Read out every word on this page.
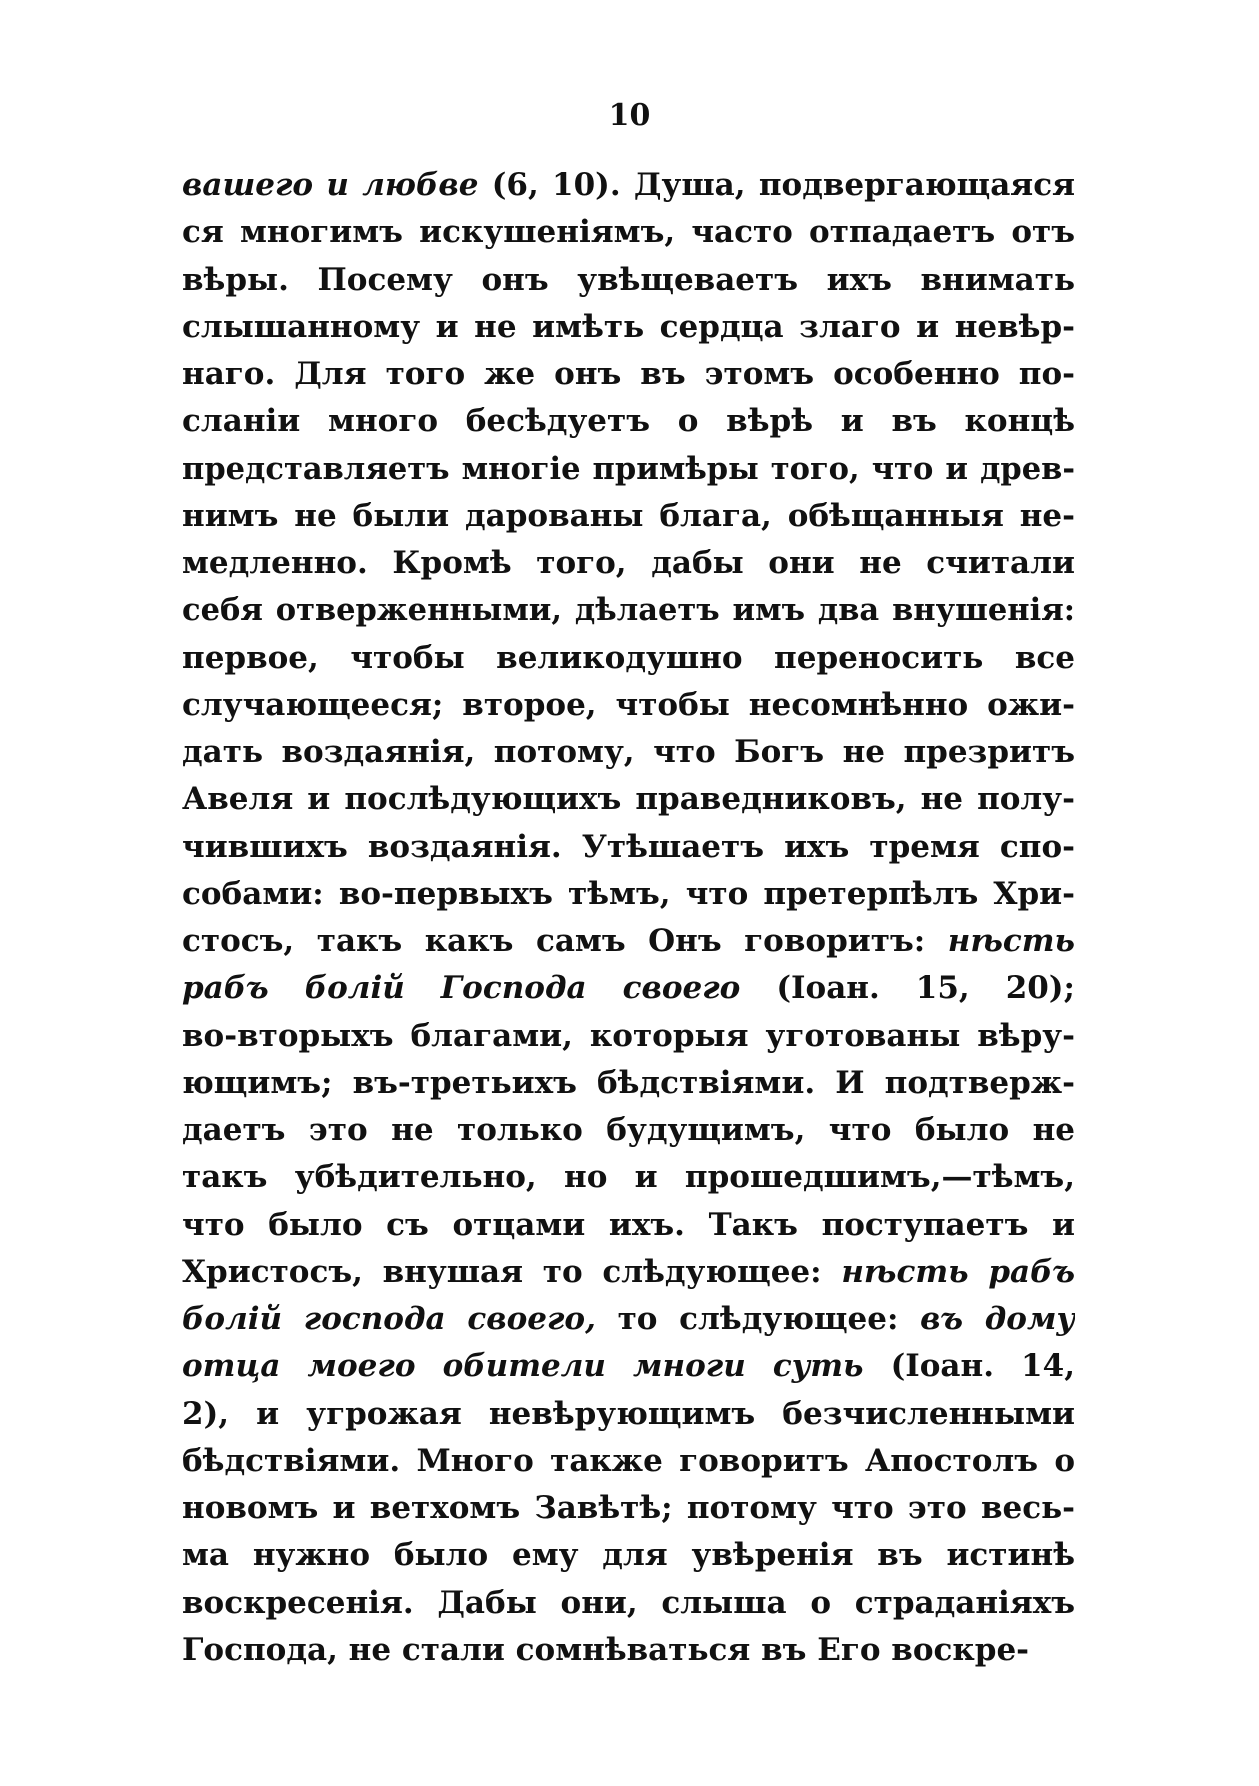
10
вашего и любве (6, 10). Душа, подвергающаяся
ся многимъ искушеніямъ, часто отпадаетъ отъ
вѣры. Посему онъ увѣщеваетъ ихъ внимать
слышанному и не имѣть сердца злаго и невѣр-
наго. Для того же онъ въ этомъ особенно по-
сланіи много бесѣдуетъ о вѣрѣ и въ концѣ
представляетъ многіе примѣры того, что и древ-
нимъ не были дарованы блага, обѣщанныя не-
медленно. Кромѣ того, дабы они не считали
себя отверженными, дѣлаетъ имъ два внушенія:
первое, чтобы великодушно переносить все
случающееся; второе, чтобы несомнѣнно ожи-
дать воздаянія, потому, что Богъ не презритъ
Авеля и послѣдующихъ праведниковъ, не полу-
чившихъ воздаянія. Утѣшаетъ ихъ тремя спо-
собами: во-первыхъ тѣмъ, что претерпѣлъ Хри-
стосъ, такъ какъ самъ Онъ говоритъ: нѣсть
рабъ болій Господа своего (Іоан. 15, 20);
во-вторыхъ благами, которыя уготованы вѣру-
ющимъ; въ-третьихъ бѣдствіями. И подтверж-
даетъ это не только будущимъ, что было не
такъ убѣдительно, но и прошедшимъ,—тѣмъ,
что было съ отцами ихъ. Такъ поступаетъ и
Христосъ, внушая то слѣдующее: нѣсть рабъ
болій господа своего, то слѣдующее: въ дому
отца моего обители многи суть (Іоан. 14,
2), и угрожая невѣрующимъ безчисленными
бѣдствіями. Много также говоритъ Апостолъ о
новомъ и ветхомъ Завѣтѣ; потому что это весь-
ма нужно было ему для увѣренія въ истинѣ
воскресенія. Дабы они, слыша о страданіяхъ
Господа, не стали сомнѣваться въ Его воскре-
